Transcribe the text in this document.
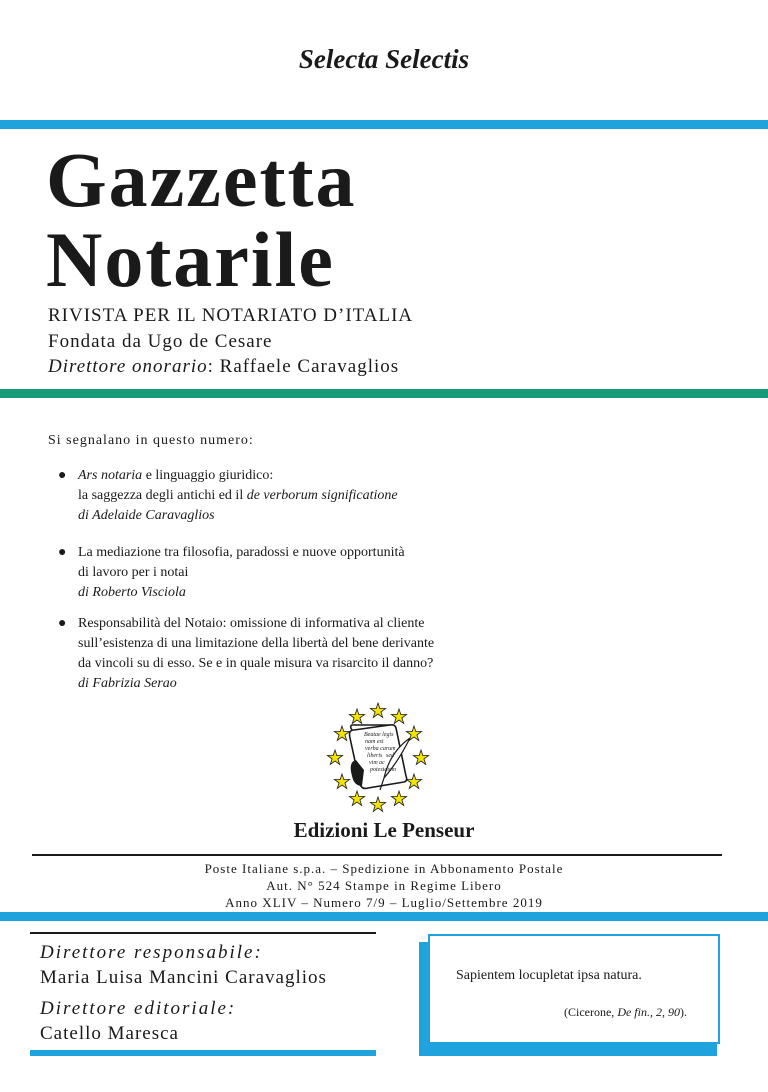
Selecta Selectis
Gazzetta
Notarile
RIVISTA PER IL NOTARIATO D’ITALIA
Fondata da Ugo de Cesare
Direttore onorario: Raffaele Caravaglios
Si segnalano in questo numero:
● Ars notaria e linguaggio giuridico:
la saggezza degli antichi ed il de verborum significatione
di Adelaide Caravaglios
● La mediazione tra filosofia, paradossi e nuove opportunità
di lavoro per i notai
di Roberto Visciola
● Responsabilità del Notaio: omissione di informativa al cliente
sull’esistenza di una limitazione della libertà del bene derivante
da vincoli su di esso. Se e in quale misura va risarcito il danno?
di Fabrizia Serao
Beatae legis
nam est
verba carum
liberis sed
vim ac
potestatem
Edizioni Le Penseur
Poste Italiane s.p.a. – Spedizione in Abbonamento Postale
Aut. N° 524 Stampe in Regime Libero
Anno XLIV – Numero 7/9 – Luglio/Settembre 2019
Direttore responsabile:
Maria Luisa Mancini Caravaglios
Direttore editoriale:
Catello Maresca
Sapientem locupletat ipsa natura.
(Cicerone, De fin., 2, 90).
